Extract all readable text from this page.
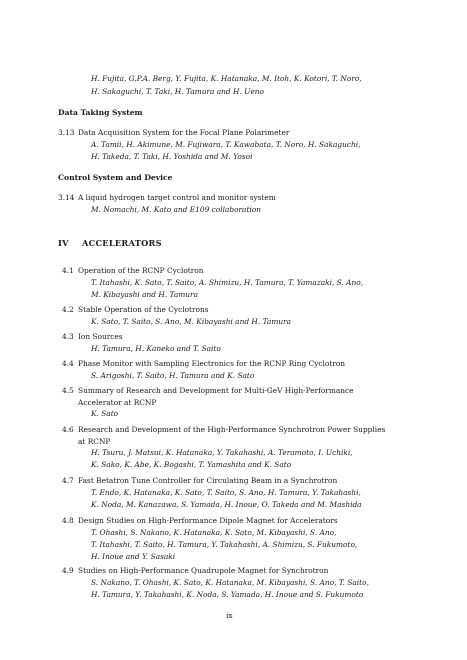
H. Fujita, G.P.A. Berg, Y. Fujita, K. Hatanaka, M. Itoh, K. Kotori, T. Noro,
H. Sakaguchi, T. Taki, H. Tamura and H. Ueno
Data Taking System
3.13 Data Acquisition System for the Focal Plane Polarimeter
A. Tamii, H. Akimune, M. Fujiwara, T. Kawabata, T. Noro, H. Sakaguchi,
H. Takeda, T. Taki, H. Yoshida and M. Yosoi
Control System and Device
3.14 A liquid hydrogen target control and monitor system
M. Nomachi, M. Kato and E109 collaboration
IV ACCELERATORS
4.1 Operation of the RCNP Cyclotron
T. Itahashi, K. Sato, T. Saito, A. Shimizu, H. Tamura, T. Yamazaki, S. Ano,
M. Kibayashi and H. Tamura
4.2 Stable Operation of the Cyclotrons
K. Sato, T. Saito, S. Ano, M. Kibayashi and H. Tamura
4.3 Ion Sources
H. Tamura, H. Kaneko and T. Saito
4.4 Phase Monitor with Sampling Electronics for the RCNP Ring Cyclotron
S. Arigoshi, T. Saito, H. Tamura and K. Sato
4.5 Summary of Research and Development for Multi-GeV High-Performance
Accelerator at RCNP
K. Sato
4.6 Research and Development of the High-Performance Synchrotron Power Supplies
at RCNP
H. Tsuru, J. Matsui, K. Hatanaka, Y. Takahashi, A. Teramoto, I. Uchiki,
K. Sako, K. Abe, K. Bogashi, T. Yamashita and K. Sato
4.7 Fast Betatron Tune Controller for Circulating Beam in a Synchrotron
T. Endo, K. Hatanaka, K. Sato, T. Saito, S. Ano, H. Tamura, Y. Takahashi,
K. Noda, M. Kanazawa, S. Yamada, H. Inoue, O. Takeda and M. Mashida
4.8 Design Studies on High-Performance Dipole Magnet for Accelerators
T. Ohashi, S. Nakano, K. Hatanaka, K. Sato, M. Kibayashi, S. Ano,
T. Itahashi, T. Saito, H. Tamura, Y. Takahashi, A. Shimizu, S. Fukumoto,
H. Inoue and Y. Sasaki
4.9 Studies on High-Performance Quadrupole Magnet for Synchrotron
S. Nakano, T. Ohashi, K. Sato, K. Hatanaka, M. Kibayashi, S. Ano, T. Saito,
H. Tamura, Y. Takahashi, K. Noda, S. Yamada, H. Inoue and S. Fukumoto
ix
